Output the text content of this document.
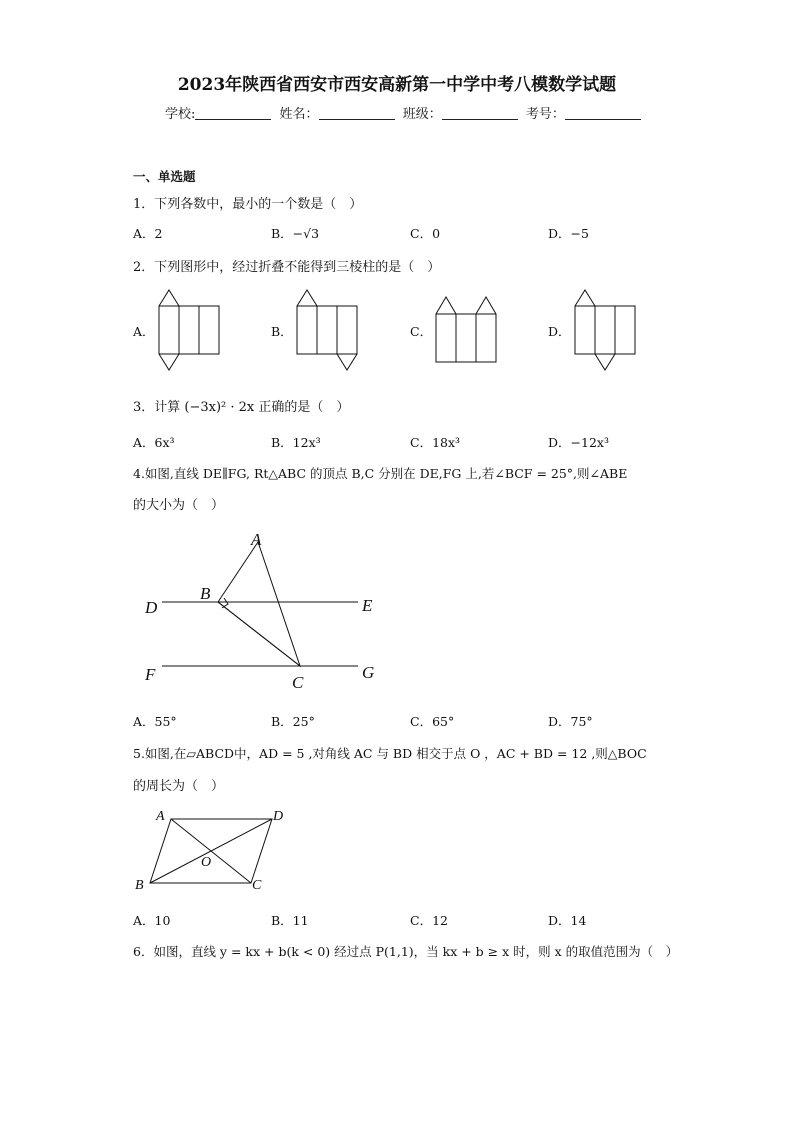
2023年陕西省西安市西安高新第一中学中考八模数学试题
学校:	姓名：	班级：	考号：
一、单选题
1．下列各数中，最小的一个数是（　）
A．2	B．−√3	C．0	D．−5
2．下列图形中，经过折叠不能得到三棱柱的是（　）
A．	B．	C．	D．
3．计算 (−3x)² · 2x 正确的是（　）
A．6x³	B．12x³	C．18x³	D．−12x³
4.如图,直线 DE∥FG, Rt△ABC 的顶点 B,C 分别在 DE,FG 上,若∠BCF = 25°,则∠ABE
的大小为（　）
A
B
D	E
F	C
G
A．55°	B．25°	C．65°	D．75°
5.如图,在▱ABCD中，AD = 5 ,对角线 AC 与 BD 相交于点 O ，AC + BD = 12 ,则△BOC
的周长为（　）
A	D
O
B	C
A．10	B．11	C．12	D．14
6．如图，直线 y = kx + b(k < 0) 经过点 P(1,1)，当 kx + b ≥ x 时，则 x 的取值范围为（　）
